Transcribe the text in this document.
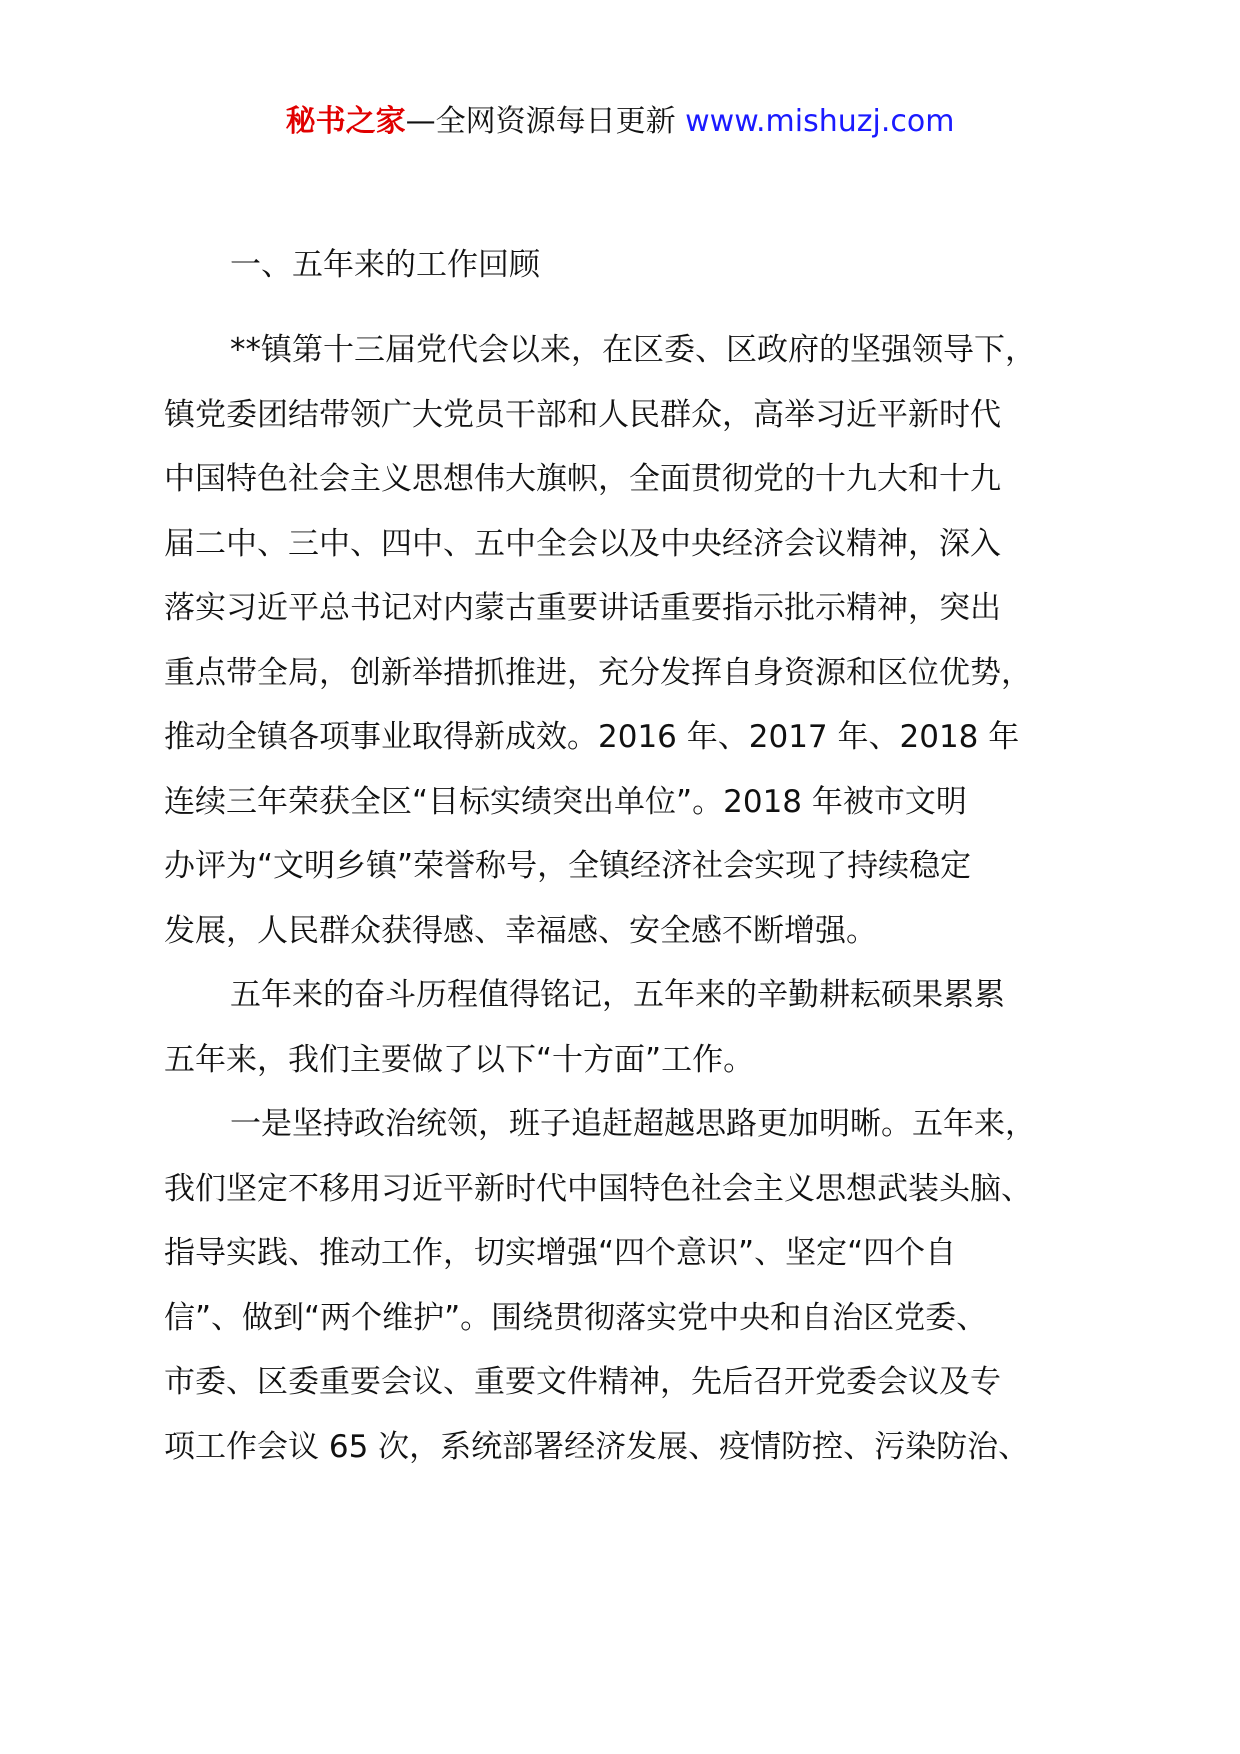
秘书之家—全网资源每日更新 www.mishuzj.com
一、五年来的工作回顾
**镇第十三届党代会以来，在区委、区政府的坚强领导下，
镇党委团结带领广大党员干部和人民群众，高举习近平新时代
中国特色社会主义思想伟大旗帜，全面贯彻党的十九大和十九
届二中、三中、四中、五中全会以及中央经济会议精神，深入
落实习近平总书记对内蒙古重要讲话重要指示批示精神，突出
重点带全局，创新举措抓推进，充分发挥自身资源和区位优势，
推动全镇各项事业取得新成效。2016 年、2017 年、2018 年
连续三年荣获全区“目标实绩突出单位”。2018 年被市文明
办评为“文明乡镇”荣誉称号，全镇经济社会实现了持续稳定
发展，人民群众获得感、幸福感、安全感不断增强。
五年来的奋斗历程值得铭记，五年来的辛勤耕耘硕果累累
五年来，我们主要做了以下“十方面”工作。
一是坚持政治统领，班子追赶超越思路更加明晰。五年来，
我们坚定不移用习近平新时代中国特色社会主义思想武装头脑、
指导实践、推动工作，切实增强“四个意识”、坚定“四个自
信”、做到“两个维护”。围绕贯彻落实党中央和自治区党委、
市委、区委重要会议、重要文件精神，先后召开党委会议及专
项工作会议 65 次，系统部署经济发展、疫情防控、污染防治、
